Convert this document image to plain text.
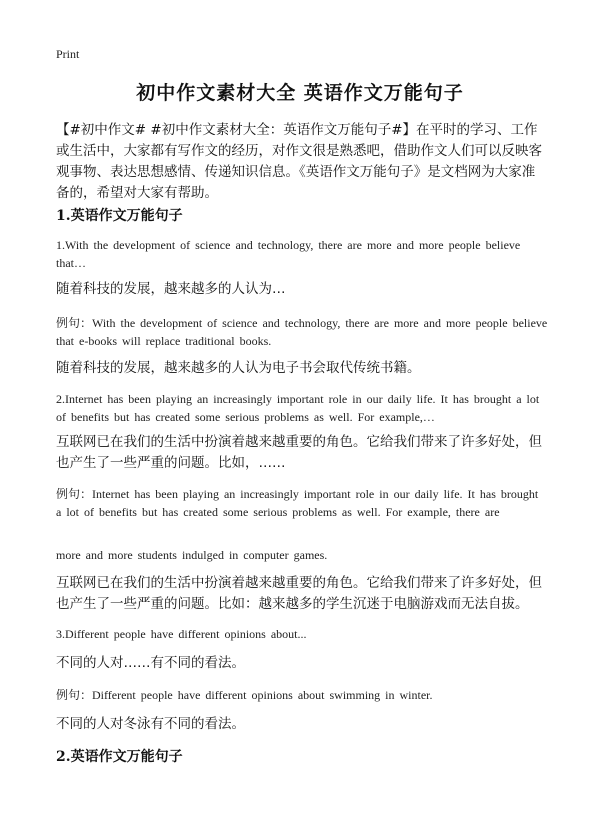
Print
初中作文素材大全 英语作文万能句子
【#初中作文# #初中作文素材大全：英语作文万能句子#】在平时的学习、工作或生活中，大家都有写作文的经历，对作文很是熟悉吧，借助作文人们可以反映客观事物、表达思想感情、传递知识信息。《英语作文万能句子》是文档网为大家准备的，希望对大家有帮助。
1.英语作文万能句子
1.With the development of science and technology, there are more and more people believe that…
随着科技的发展，越来越多的人认为…
例句：With the development of science and technology, there are more and more people believe that e-books will replace traditional books.
随着科技的发展，越来越多的人认为电子书会取代传统书籍。
2.Internet has been playing an increasingly important role in our daily life. It has brought a lot of benefits but has created some serious problems as well. For example,…
互联网已在我们的生活中扮演着越来越重要的角色。它给我们带来了许多好处，但也产生了一些严重的问题。比如，……
例句：Internet has been playing an increasingly important role in our daily life. It has brought a lot of benefits but has created some serious problems as well. For example, there are
more and more students indulged in computer games.
互联网已在我们的生活中扮演着越来越重要的角色。它给我们带来了许多好处，但也产生了一些严重的问题。比如：越来越多的学生沉迷于电脑游戏而无法自拔。
3.Different people have different opinions about...
不同的人对……有不同的看法。
例句：Different people have different opinions about swimming in winter.
不同的人对冬泳有不同的看法。
2.英语作文万能句子
